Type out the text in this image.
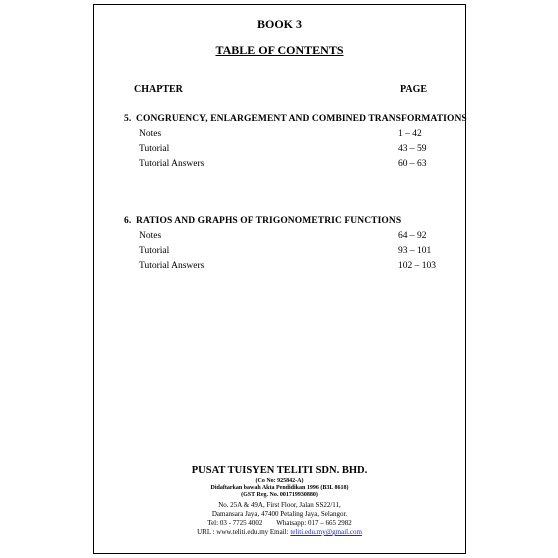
BOOK 3
TABLE OF CONTENTS
CHAPTER	PAGE
5. CONGRUENCY, ENLARGEMENT AND COMBINED TRANSFORMATIONS
Notes	1 – 42
Tutorial	43 – 59
Tutorial Answers	60 – 63
6. RATIOS AND GRAPHS OF TRIGONOMETRIC FUNCTIONS
Notes	64 – 92
Tutorial	93 – 101
Tutorial Answers	102 – 103
PUSAT TUISYEN TELITI SDN. BHD.
(Co No: 925842-A)
Didaftarkan bawah Akta Pendidikan 1996 (B3L 8618)
(GST Reg. No. 001719930880)
No. 25A & 49A, First Floor, Jalan SS22/11,
Damansara Jaya, 47400 Petaling Jaya, Selangor.
Tel: 03 - 7725 4002        Whatsapp: 017 – 665 2982
URL : www.teliti.edu.my Email: teliti.edu.my@gmail.com
